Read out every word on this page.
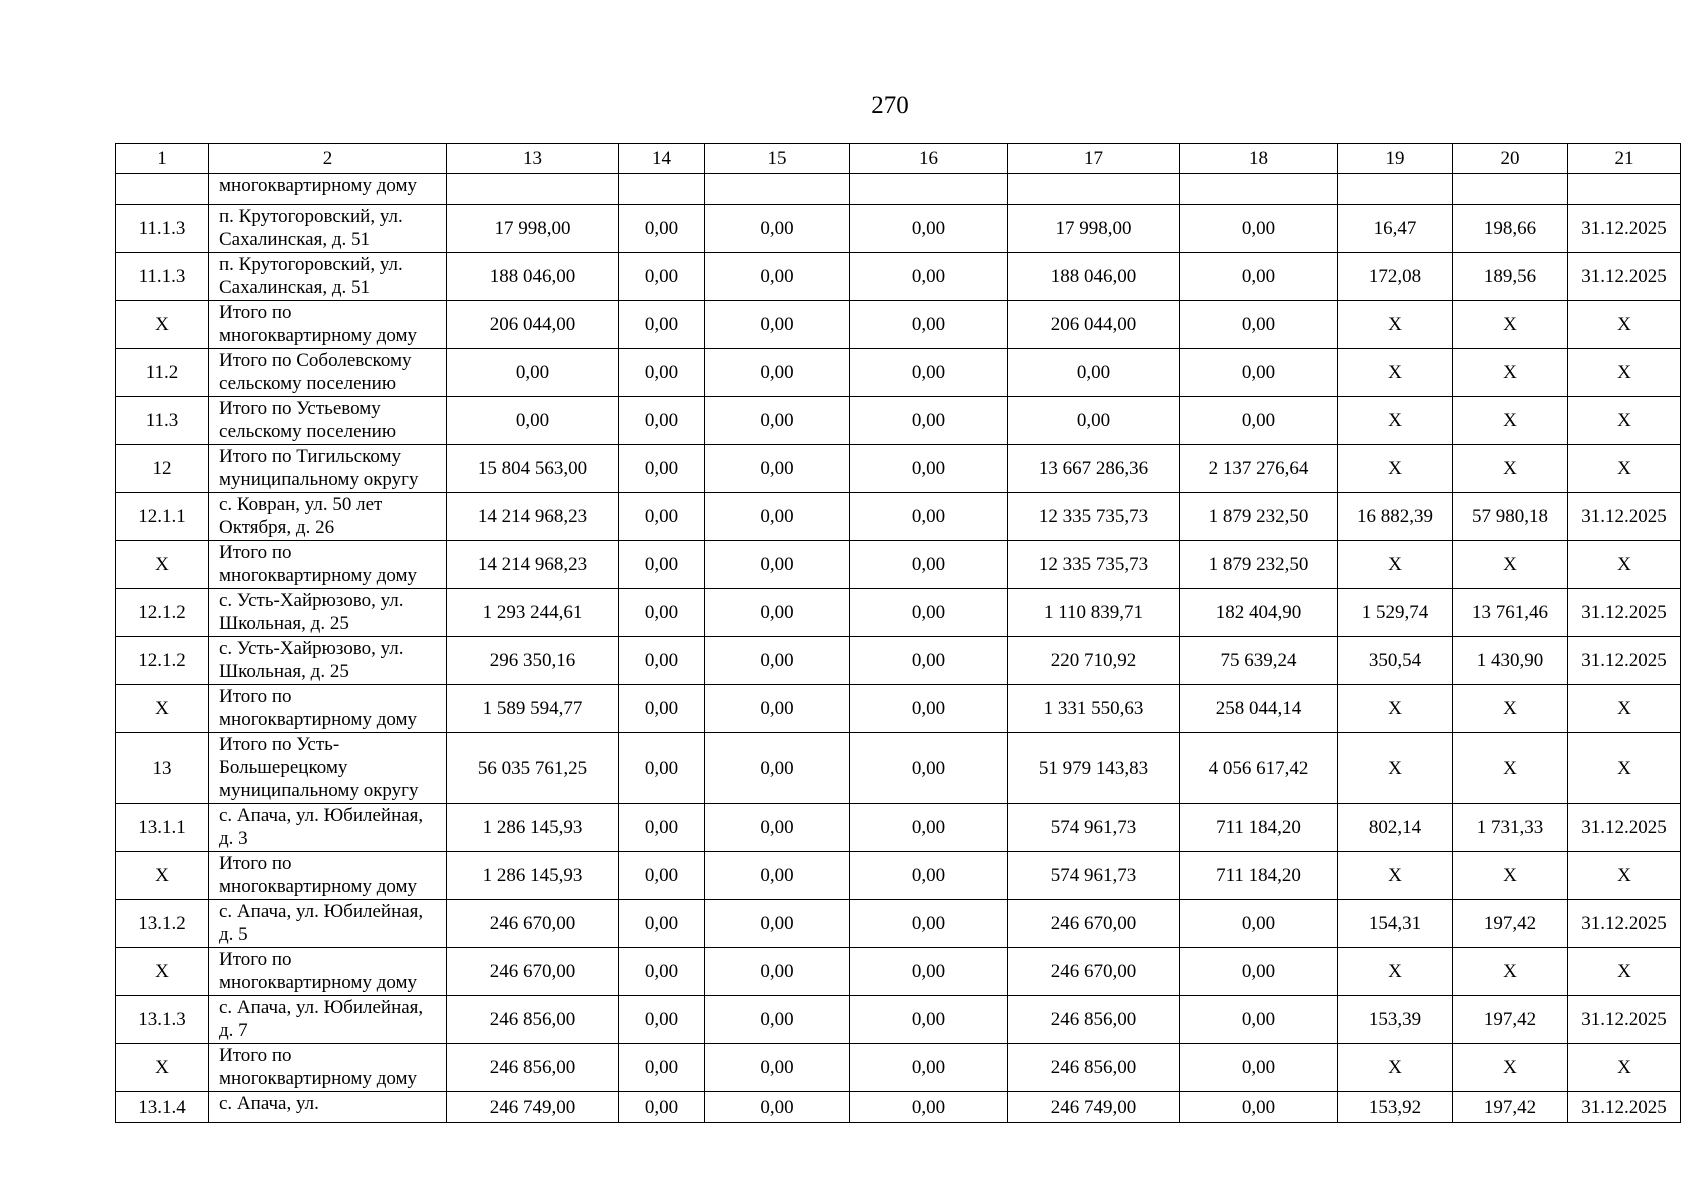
270
1	2	13	14	15	16	17	18	19	20	21
	многоквартирному дому									
11.1.3	п. Крутогоровский, ул. Сахалинская, д. 51	17 998,00	0,00	0,00	0,00	17 998,00	0,00	16,47	198,66	31.12.2025
11.1.3	п. Крутогоровский, ул. Сахалинская, д. 51	188 046,00	0,00	0,00	0,00	188 046,00	0,00	172,08	189,56	31.12.2025
X	Итого по многоквартирному дому	206 044,00	0,00	0,00	0,00	206 044,00	0,00	X	X	X
11.2	Итого по Соболевскому сельскому поселению	0,00	0,00	0,00	0,00	0,00	0,00	X	X	X
11.3	Итого по Устьевому сельскому поселению	0,00	0,00	0,00	0,00	0,00	0,00	X	X	X
12	Итого по Тигильскому муниципальному округу	15 804 563,00	0,00	0,00	0,00	13 667 286,36	2 137 276,64	X	X	X
12.1.1	с. Ковран, ул. 50 лет Октября, д. 26	14 214 968,23	0,00	0,00	0,00	12 335 735,73	1 879 232,50	16 882,39	57 980,18	31.12.2025
X	Итого по многоквартирному дому	14 214 968,23	0,00	0,00	0,00	12 335 735,73	1 879 232,50	X	X	X
12.1.2	с. Усть-Хайрюзово, ул. Школьная, д. 25	1 293 244,61	0,00	0,00	0,00	1 110 839,71	182 404,90	1 529,74	13 761,46	31.12.2025
12.1.2	с. Усть-Хайрюзово, ул. Школьная, д. 25	296 350,16	0,00	0,00	0,00	220 710,92	75 639,24	350,54	1 430,90	31.12.2025
X	Итого по многоквартирному дому	1 589 594,77	0,00	0,00	0,00	1 331 550,63	258 044,14	X	X	X
13	Итого по Усть-Большерецкому муниципальному округу	56 035 761,25	0,00	0,00	0,00	51 979 143,83	4 056 617,42	X	X	X
13.1.1	с. Апача, ул. Юбилейная, д. 3	1 286 145,93	0,00	0,00	0,00	574 961,73	711 184,20	802,14	1 731,33	31.12.2025
X	Итого по многоквартирному дому	1 286 145,93	0,00	0,00	0,00	574 961,73	711 184,20	X	X	X
13.1.2	с. Апача, ул. Юбилейная, д. 5	246 670,00	0,00	0,00	0,00	246 670,00	0,00	154,31	197,42	31.12.2025
X	Итого по многоквартирному дому	246 670,00	0,00	0,00	0,00	246 670,00	0,00	X	X	X
13.1.3	с. Апача, ул. Юбилейная, д. 7	246 856,00	0,00	0,00	0,00	246 856,00	0,00	153,39	197,42	31.12.2025
X	Итого по многоквартирному дому	246 856,00	0,00	0,00	0,00	246 856,00	0,00	X	X	X
13.1.4	с. Апача, ул.	246 749,00	0,00	0,00	0,00	246 749,00	0,00	153,92	197,42	31.12.2025
